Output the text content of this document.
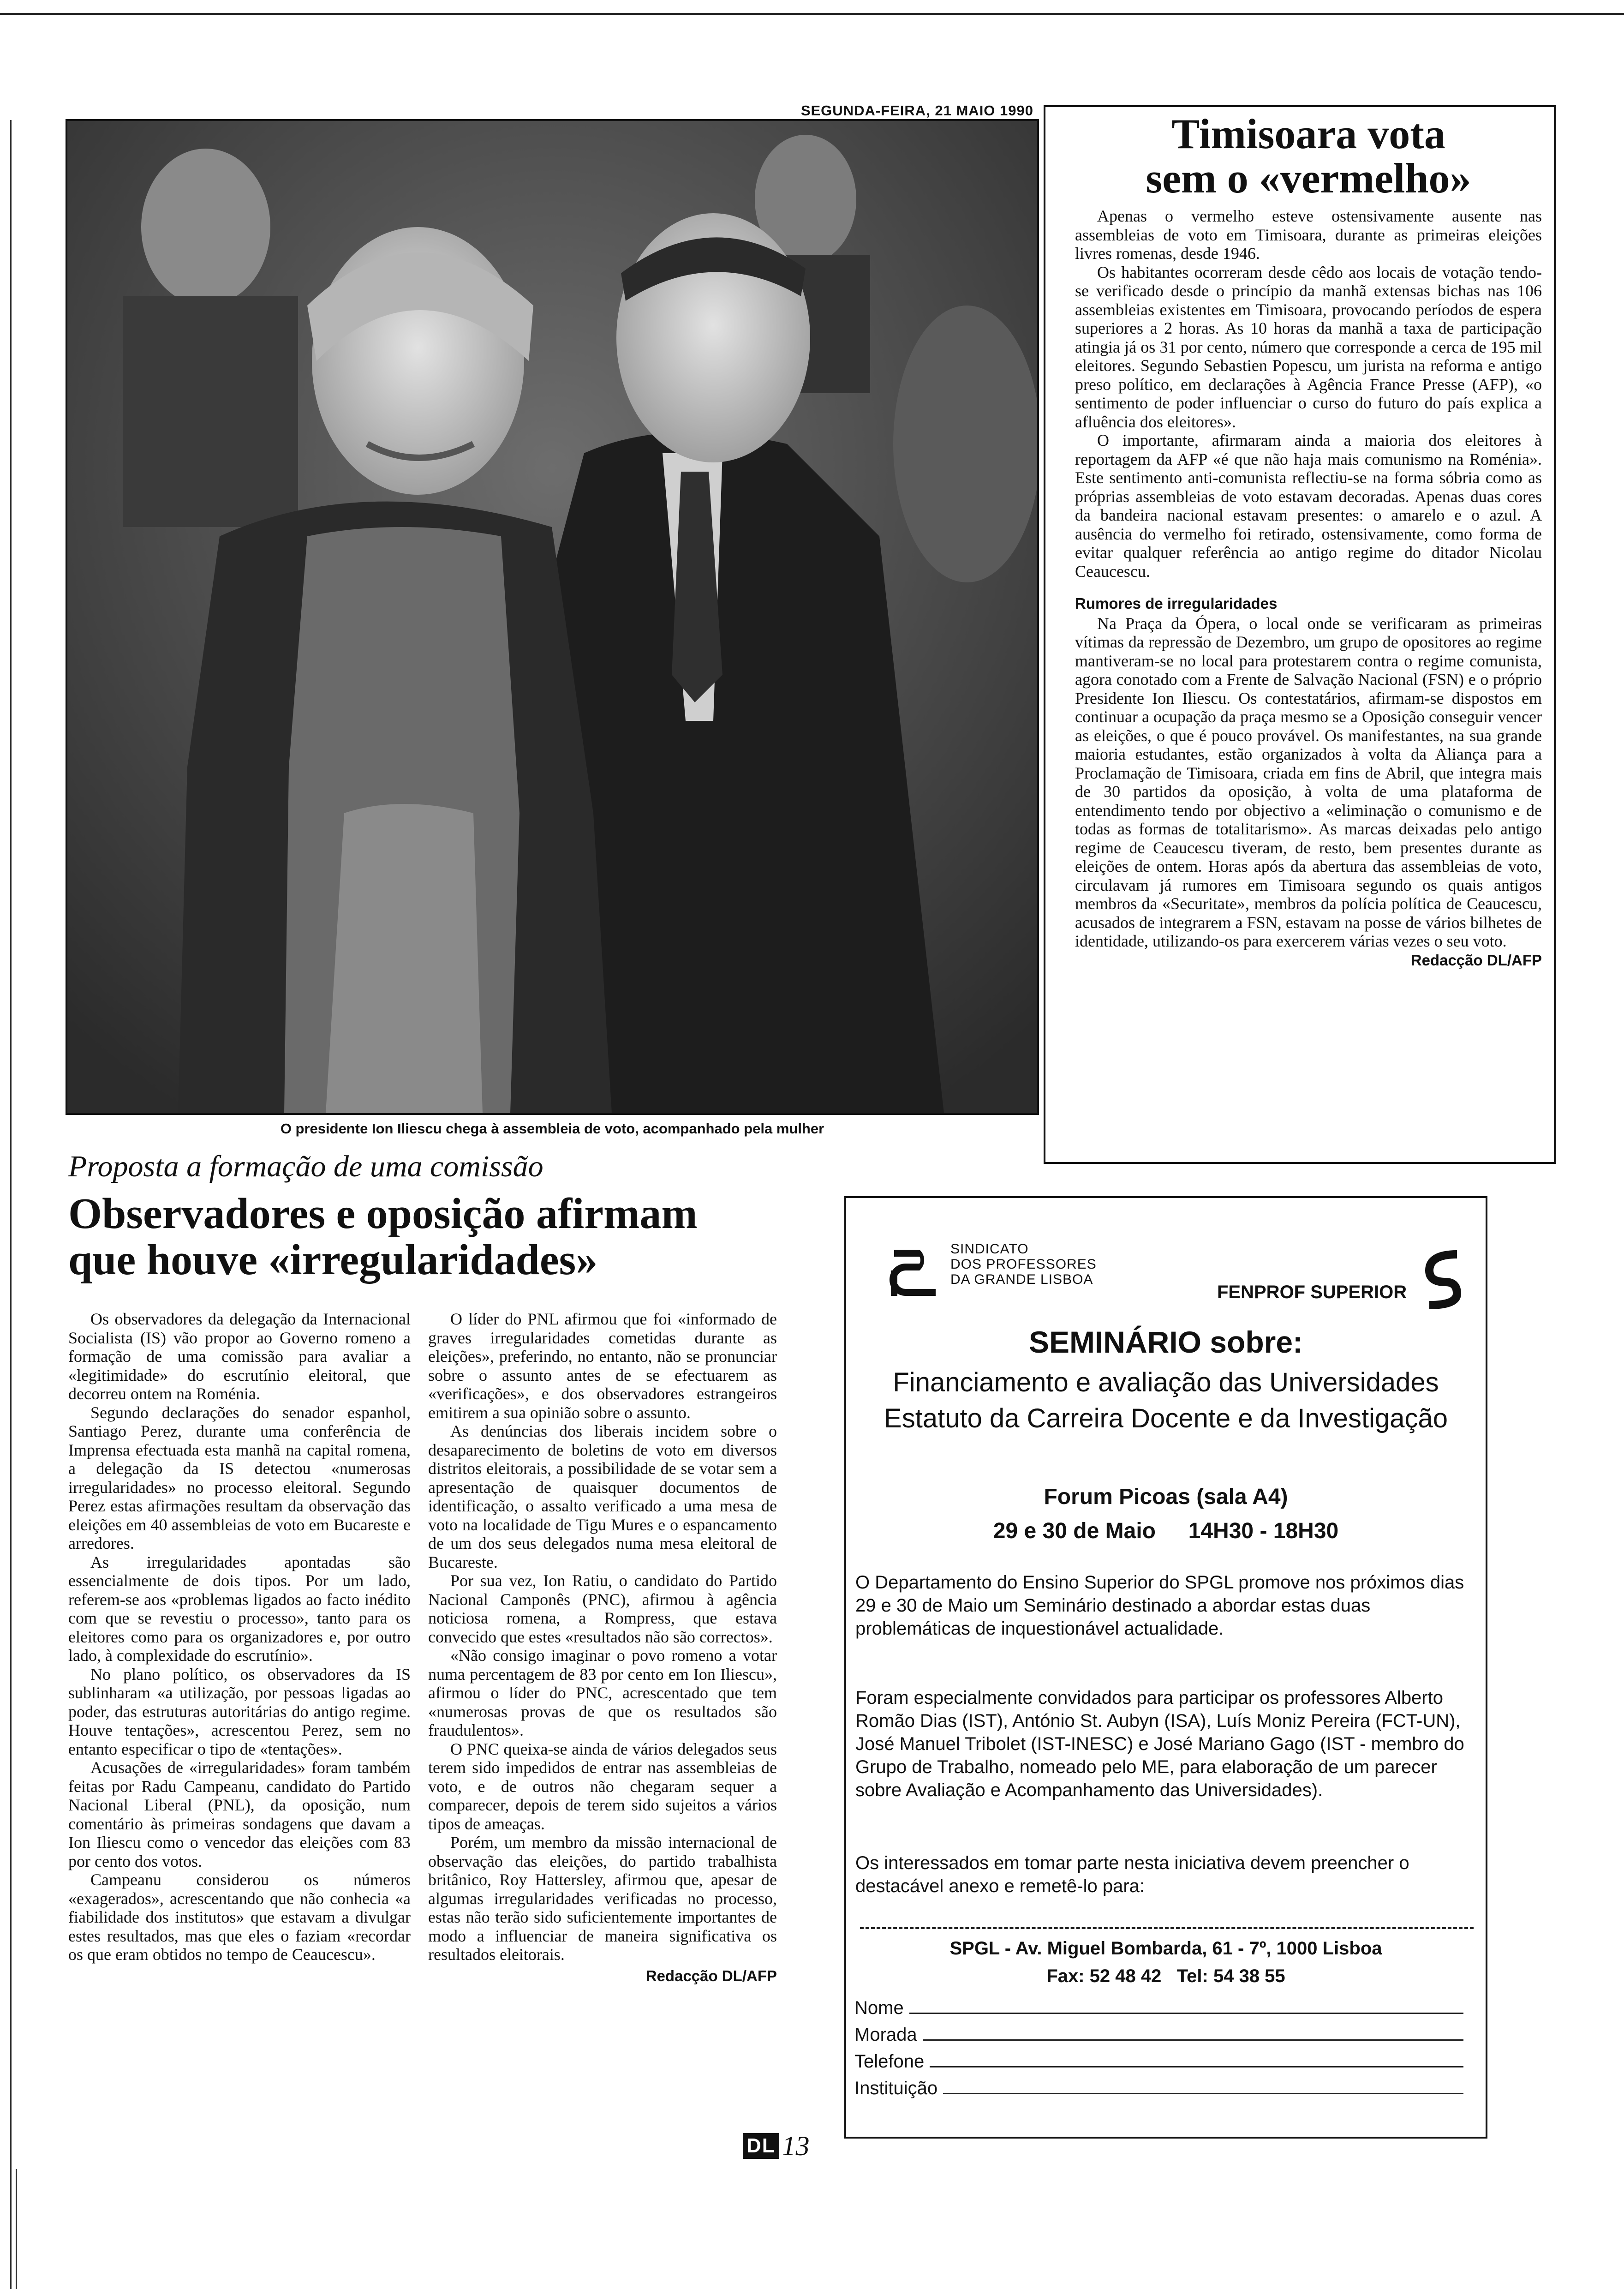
SEGUNDA-FEIRA, 21 MAIO 1990
O presidente Ion Iliescu chega à assembleia de voto, acompanhado pela mulher
Timisoara vota
sem o «vermelho»

Apenas o vermelho esteve ostensivamente ausente nas assembleias de voto em Timisoara, durante as primeiras eleições livres romenas, desde 1946.

Os habitantes ocorreram desde cêdo aos locais de votação tendo-se verificado desde o princípio da manhã extensas bichas nas 106 assembleias existentes em Timisoara, provocando períodos de espera superiores a 2 horas. As 10 horas da manhã a taxa de participação atingia já os 31 por cento, número que corresponde a cerca de 195 mil eleitores. Segundo Sebastien Popescu, um jurista na reforma e antigo preso político, em declarações à Agência France Presse (AFP), «o sentimento de poder influenciar o curso do futuro do país explica a afluência dos eleitores».

O importante, afirmaram ainda a maioria dos eleitores à reportagem da AFP «é que não haja mais comunismo na Roménia». Este sentimento anti-comunista reflectiu-se na forma sóbria como as próprias assembleias de voto estavam decoradas. Apenas duas cores da bandeira nacional estavam presentes: o amarelo e o azul. A ausência do vermelho foi retirado, ostensivamente, como forma de evitar qualquer referência ao antigo regime do ditador Nicolau Ceaucescu.

Rumores de irregularidades

Na Praça da Ópera, o local onde se verificaram as primeiras vítimas da repressão de Dezembro, um grupo de opositores ao regime mantiveram-se no local para protestarem contra o regime comunista, agora conotado com a Frente de Salvação Nacional (FSN) e o próprio Presidente Ion Iliescu. Os contestatários, afirmam-se dispostos em continuar a ocupação da praça mesmo se a Oposição conseguir vencer as eleições, o que é pouco provável. Os manifestantes, na sua grande maioria estudantes, estão organizados à volta da Aliança para a Proclamação de Timisoara, criada em fins de Abril, que integra mais de 30 partidos da oposição, à volta de uma plataforma de entendimento tendo por objectivo a «eliminação o comunismo e de todas as formas de totalitarismo». As marcas deixadas pelo antigo regime de Ceaucescu tiveram, de resto, bem presentes durante as eleições de ontem. Horas após da abertura das assembleias de voto, circulavam já rumores em Timisoara segundo os quais antigos membros da «Securitate», membros da polícia política de Ceaucescu, acusados de integrarem a FSN, estavam na posse de vários bilhetes de identidade, utilizando-os para exercerem várias vezes o seu voto.

Redacção DL/AFP
Proposta a formação de uma comissão
Observadores e oposição afirmam
que houve «irregularidades»

Os observadores da delegação da Internacional Socialista (IS) vão propor ao Governo romeno a formação de uma comissão para avaliar a «legitimidade» do escrutínio eleitoral, que decorreu ontem na Roménia.

Segundo declarações do senador espanhol, Santiago Perez, durante uma conferência de Imprensa efectuada esta manhã na capital romena, a delegação da IS detectou «numerosas irregularidades» no processo eleitoral. Segundo Perez estas afirmações resultam da observação das eleições em 40 assembleias de voto em Bucareste e arredores.

As irregularidades apontadas são essencialmente de dois tipos. Por um lado, referem-se aos «problemas ligados ao facto inédito com que se revestiu o processo», tanto para os eleitores como para os organizadores e, por outro lado, à complexidade do escrutínio».

No plano político, os observadores da IS sublinharam «a utilização, por pessoas ligadas ao poder, das estruturas autoritárias do antigo regime. Houve tentações», acrescentou Perez, sem no entanto especificar o tipo de «tentações».

Acusações de «irregularidades» foram também feitas por Radu Campeanu, candidato do Partido Nacional Liberal (PNL), da oposição, num comentário às primeiras sondagens que davam a Ion Iliescu como o vencedor das eleições com 83 por cento dos votos.

Campeanu considerou os números «exagerados», acrescentando que não conhecia «a fiabilidade dos institutos» que estavam a divulgar estes resultados, mas que eles o faziam «recordar os que eram obtidos no tempo de Ceaucescu».

O líder do PNL afirmou que foi «informado de graves irregularidades cometidas durante as eleições», preferindo, no entanto, não se pronunciar sobre o assunto antes de se efectuarem as «verificações», e dos observadores estrangeiros emitirem a sua opinião sobre o assunto.

As denúncias dos liberais incidem sobre o desaparecimento de boletins de voto em diversos distritos eleitorais, a possibilidade de se votar sem a apresentação de quaisquer documentos de identificação, o assalto verificado a uma mesa de voto na localidade de Tigu Mures e o espancamento de um dos seus delegados numa mesa eleitoral de Bucareste.

Por sua vez, Ion Ratiu, o candidato do Partido Nacional Camponês (PNC), afirmou à agência noticiosa romena, a Rompress, que estava convecido que estes «resultados não são correctos».

«Não consigo imaginar o povo romeno a votar numa percentagem de 83 por cento em Ion Iliescu», afirmou o líder do PNC, acrescentado que tem «numerosas provas de que os resultados são fraudulentos».

O PNC queixa-se ainda de vários delegados seus terem sido impedidos de entrar nas assembleias de voto, e de outros não chegaram sequer a comparecer, depois de terem sido sujeitos a vários tipos de ameaças.

Porém, um membro da missão internacional de observação das eleições, do partido trabalhista britânico, Roy Hattersley, afirmou que, apesar de algumas irregularidades verificadas no processo, estas não terão sido suficientemente importantes de modo a influenciar de maneira significativa os resultados eleitorais.

Redacção DL/AFP
SINDICATO
DOS PROFESSORES
DA GRANDE LISBOA
FENPROF SUPERIOR
SEMINÁRIO sobre:
Financiamento e avaliação das Universidades
Estatuto da Carreira Docente e da Investigação
Forum Picoas (sala A4)
29 e 30 de Maio 14H30 - 18H30
O Departamento do Ensino Superior do SPGL promove nos próximos dias 29 e 30 de Maio um Seminário destinado a abordar estas duas problemáticas de inquestionável actualidade.
Foram especialmente convidados para participar os professores Alberto Romão Dias (IST), António St. Aubyn (ISA), Luís Moniz Pereira (FCT-UN), José Manuel Tribolet (IST-INESC) e José Mariano Gago (IST - membro do Grupo de Trabalho, nomeado pelo ME, para elaboração de um parecer sobre Avaliação e Acompanhamento das Universidades).
Os interessados em tomar parte nesta iniciativa devem preencher o destacável anexo e remetê-lo para:
SPGL - Av. Miguel Bombarda, 61 - 7º, 1000 Lisboa
Fax: 52 48 42   Tel: 54 38 55
Nome
Morada
Telefone
Instituição
DL 13
